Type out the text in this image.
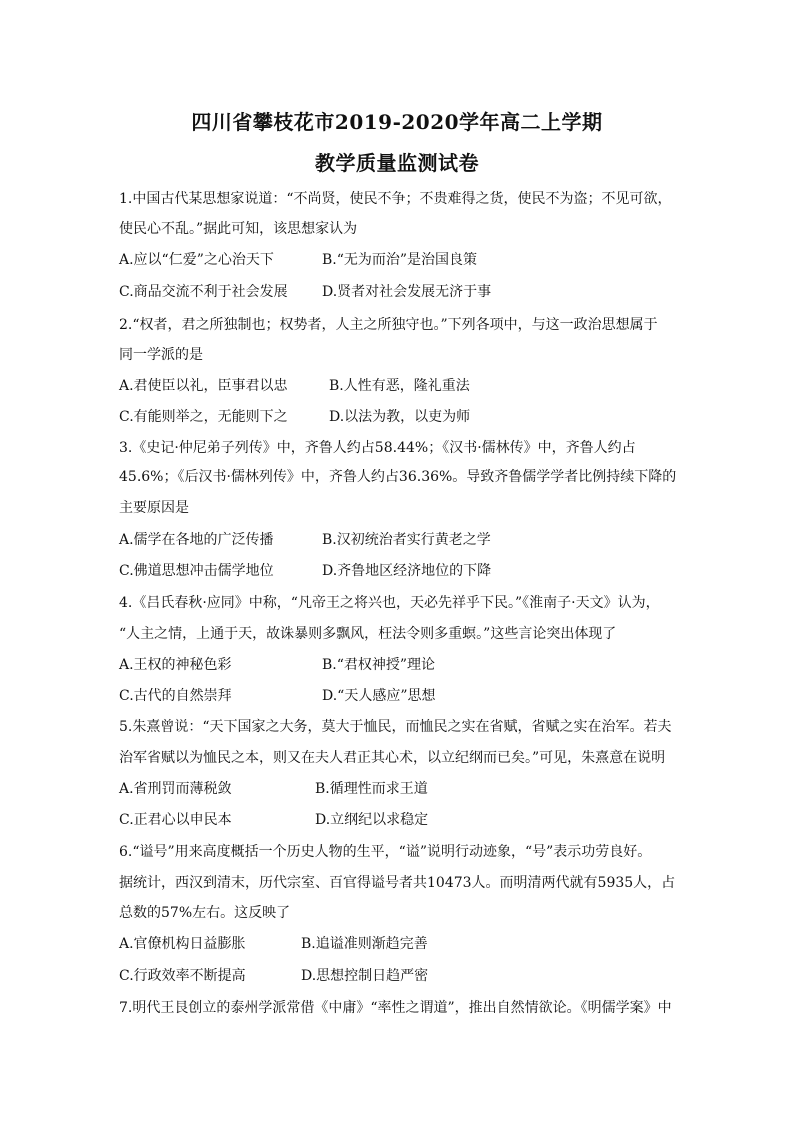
四川省攀枝花市2019-2020学年高二上学期
教学质量监测试卷
1.中国古代某思想家说道：“不尚贤，使民不争；不贵难得之货，使民不为盗；不见可欲，
使民心不乱。”据此可知，该思想家认为
A.应以“仁爱”之心治天下	B.“无为而治”是治国良策
C.商品交流不利于社会发展 D.贤者对社会发展无济于事
2.“权者，君之所独制也；权势者，人主之所独守也。”下列各项中，与这一政治思想属于
同一学派的是
A.君使臣以礼，臣事君以忠	B.人性有恶，隆礼重法
C.有能则举之，无能则下之	D.以法为教，以吏为师
3.《史记·仲尼弟子列传》中，齐鲁人约占58.44%；《汉书·儒林传》中，齐鲁人约占
45.6%；《后汉书·儒林列传》中，齐鲁人约占36.36%。导致齐鲁儒学学者比例持续下降的
主要原因是
A.儒学在各地的广泛传播	B.汉初统治者实行黄老之学
C.佛道思想冲击儒学地位	D.齐鲁地区经济地位的下降
4.《吕氏春秋·应同》中称，“凡帝王之将兴也，天必先祥乎下民。”《淮南子·天文》认为，
“人主之情，上通于天，故诛暴则多飘风，枉法令则多重螟。”这些言论突出体现了
A.王权的神秘色彩	B.“君权神授”理论
C.古代的自然崇拜	D.“天人感应”思想
5.朱熹曾说：“天下国家之大务，莫大于恤民，而恤民之实在省赋，省赋之实在治军。若夫
治军省赋以为恤民之本，则又在夫人君正其心术，以立纪纲而已矣。”可见，朱熹意在说明
A.省刑罚而薄税敛	B.循理性而求王道
C.正君心以申民本	D.立纲纪以求稳定
6.“谥号”用来高度概括一个历史人物的生平，“谥”说明行动迹象，“号”表示功劳良好。
据统计，西汉到清末，历代宗室、百官得谥号者共10473人。而明清两代就有5935人，占
总数的57%左右。这反映了
A.官僚机构日益膨胀	B.追谥准则渐趋完善
C.行政效率不断提高	D.思想控制日趋严密
7.明代王艮创立的泰州学派常借《中庸》“率性之谓道”，推出自然情欲论。《明儒学案》中
